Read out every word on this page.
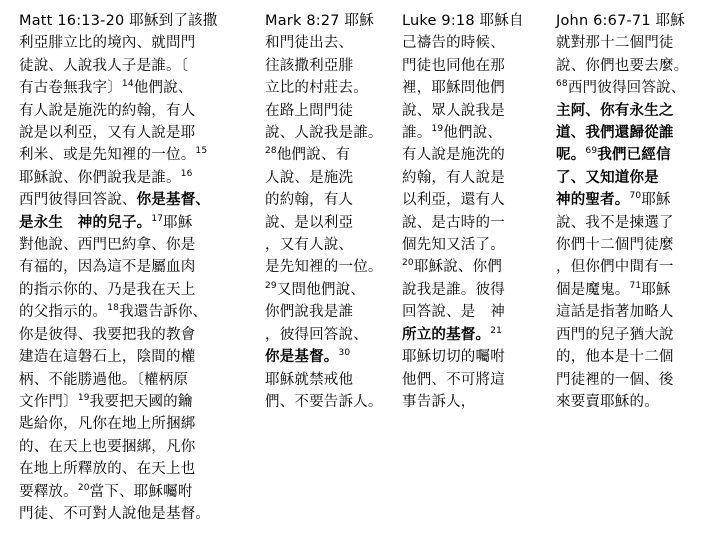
Matt 16:13-20 耶穌到了該撒
利亞腓立比的境內、就問門
徒說、人說我人子是誰。〔
有古卷無我字〕$^{14}$他們說、
有人說是施洗的約翰，有人
說是以利亞，又有人說是耶
利米、或是先知裡的一位。$^{15}$
耶穌說、你們說我是誰。$^{16}$
西門彼得回答說、你是基督、
是永生　神的兒子。$^{17}$耶穌
對他說、西門巴約拿、你是
有福的，因為這不是屬血肉
的指示你的、乃是我在天上
的父指示的。$^{18}$我還告訴你、
你是彼得、我要把我的教會
建造在這磐石上，陰間的權
柄、不能勝過他。〔權柄原
文作門〕$^{19}$我要把天國的鑰
匙給你，凡你在地上所捆綁
的、在天上也要捆綁，凡你
在地上所釋放的、在天上也
要釋放。$^{20}$當下、耶穌囑咐
門徒、不可對人說他是基督。
Mark 8:27 耶穌
和門徒出去、
往該撒利亞腓
立比的村莊去。
在路上問門徒
說、人說我是誰。
$^{28}$他們說、有
人說、是施洗
的約翰，有人
說、是以利亞
，又有人說、
是先知裡的一位。
$^{29}$又問他們說、
你們說我是誰
，彼得回答說、
你是基督。$^{30}$
耶穌就禁戒他
們、不要告訴人。
Luke 9:18 耶穌自
己禱告的時候、
門徒也同他在那
裡，耶穌問他們
說、眾人說我是
誰。$^{19}$他們說、
有人說是施洗的
約翰，有人說是
以利亞，還有人
說、是古時的一
個先知又活了。
$^{20}$耶穌說、你們
說我是誰。彼得
回答說、是　神
所立的基督。$^{21}$
耶穌切切的囑咐
他們、不可將這
事告訴人，
John 6:67-71 耶穌
就對那十二個門徒
說、你們也要去麼。
$^{68}$西門彼得回答說、
主阿、你有永生之
道、我們還歸從誰
呢。$^{69}$我們已經信
了、又知道你是
神的聖者。$^{70}$耶穌
說、我不是揀選了
你們十二個門徒麼
，但你們中間有一
個是魔鬼。$^{71}$耶穌
這話是指著加略人
西門的兒子猶大說
的，他本是十二個
門徒裡的一個、後
來要賣耶穌的。
